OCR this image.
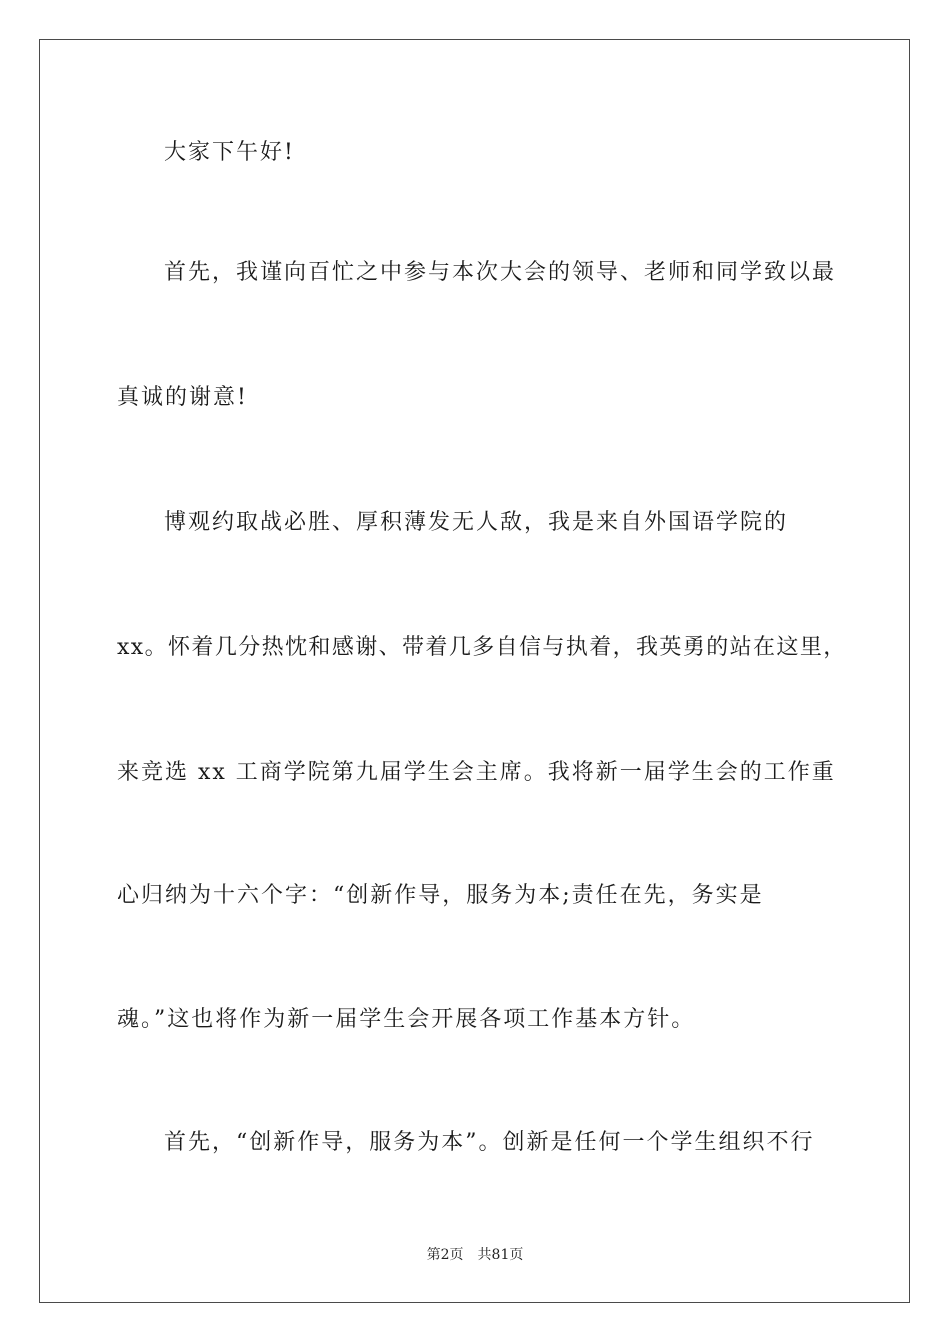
大家下午好!
首先，我谨向百忙之中参与本次大会的领导、老师和同学致以最
真诚的谢意!
博观约取战必胜、厚积薄发无人敌，我是来自外国语学院的
xx。怀着几分热忱和感谢、带着几多自信与执着，我英勇的站在这里，
来竞选 xx 工商学院第九届学生会主席。我将新一届学生会的工作重
心归纳为十六个字：“创新作导，服务为本;责任在先，务实是
魂。”这也将作为新一届学生会开展各项工作基本方针。
首先，“创新作导，服务为本”。创新是任何一个学生组织不行
第2页 共81页
